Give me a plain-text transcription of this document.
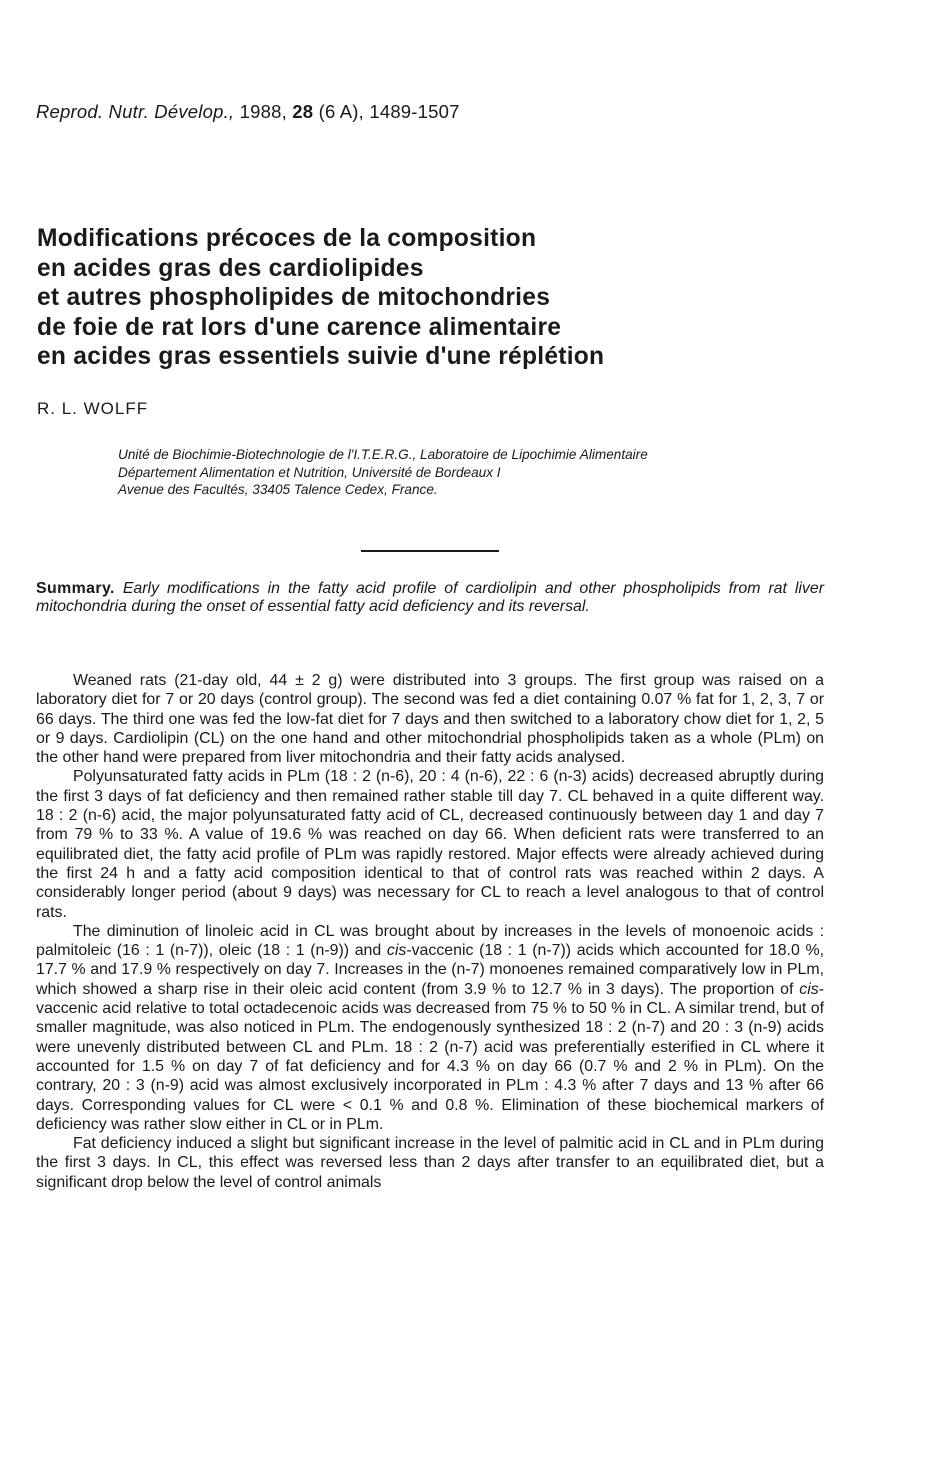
Reprod. Nutr. Dévelop., 1988, 28 (6 A), 1489-1507
Modifications précoces de la composition
en acides gras des cardiolipides
et autres phospholipides de mitochondries
de foie de rat lors d'une carence alimentaire
en acides gras essentiels suivie d'une réplétion
R. L. WOLFF
Unité de Biochimie-Biotechnologie de l'I.T.E.R.G., Laboratoire de Lipochimie Alimentaire
Département Alimentation et Nutrition, Université de Bordeaux I
Avenue des Facultés, 33405 Talence Cedex, France.
Summary. Early modifications in the fatty acid profile of cardiolipin and other phospholipids from rat liver mitochondria during the onset of essential fatty acid deficiency and its reversal.

Weaned rats (21-day old, 44 ± 2 g) were distributed into 3 groups. The first group was raised on a laboratory diet for 7 or 20 days (control group). The second was fed a diet containing 0.07 % fat for 1, 2, 3, 7 or 66 days. The third one was fed the low-fat diet for 7 days and then switched to a laboratory chow diet for 1, 2, 5 or 9 days. Cardiolipin (CL) on the one hand and other mitochondrial phospholipids taken as a whole (PLm) on the other hand were prepared from liver mitochondria and their fatty acids analysed.

Polyunsaturated fatty acids in PLm (18 : 2 (n-6), 20 : 4 (n-6), 22 : 6 (n-3) acids) decreased abruptly during the first 3 days of fat deficiency and then remained rather stable till day 7. CL behaved in a quite different way. 18 : 2 (n-6) acid, the major polyunsaturated fatty acid of CL, decreased continuously between day 1 and day 7 from 79 % to 33 %. A value of 19.6 % was reached on day 66. When deficient rats were transferred to an equilibrated diet, the fatty acid profile of PLm was rapidly restored. Major effects were already achieved during the first 24 h and a fatty acid composition identical to that of control rats was reached within 2 days. A considerably longer period (about 9 days) was necessary for CL to reach a level analogous to that of control rats.

The diminution of linoleic acid in CL was brought about by increases in the levels of monoenoic acids : palmitoleic (16 : 1 (n-7)), oleic (18 : 1 (n-9)) and cis-vaccenic (18 : 1 (n-7)) acids which accounted for 18.0 %, 17.7 % and 17.9 % respectively on day 7. Increases in the (n-7) monoenes remained comparatively low in PLm, which showed a sharp rise in their oleic acid content (from 3.9 % to 12.7 % in 3 days). The proportion of cis-vaccenic acid relative to total octadecenoic acids was decreased from 75 % to 50 % in CL. A similar trend, but of smaller magnitude, was also noticed in PLm. The endogenously synthesized 18 : 2 (n-7) and 20 : 3 (n-9) acids were unevenly distributed between CL and PLm. 18 : 2 (n-7) acid was preferentially esterified in CL where it accounted for 1.5 % on day 7 of fat deficiency and for 4.3 % on day 66 (0.7 % and 2 % in PLm). On the contrary, 20 : 3 (n-9) acid was almost exclusively incorporated in PLm : 4.3 % after 7 days and 13 % after 66 days. Corresponding values for CL were < 0.1 % and 0.8 %. Elimination of these biochemical markers of deficiency was rather slow either in CL or in PLm.

Fat deficiency induced a slight but significant increase in the level of palmitic acid in CL and in PLm during the first 3 days. In CL, this effect was reversed less than 2 days after transfer to an equilibrated diet, but a significant drop below the level of control animals
